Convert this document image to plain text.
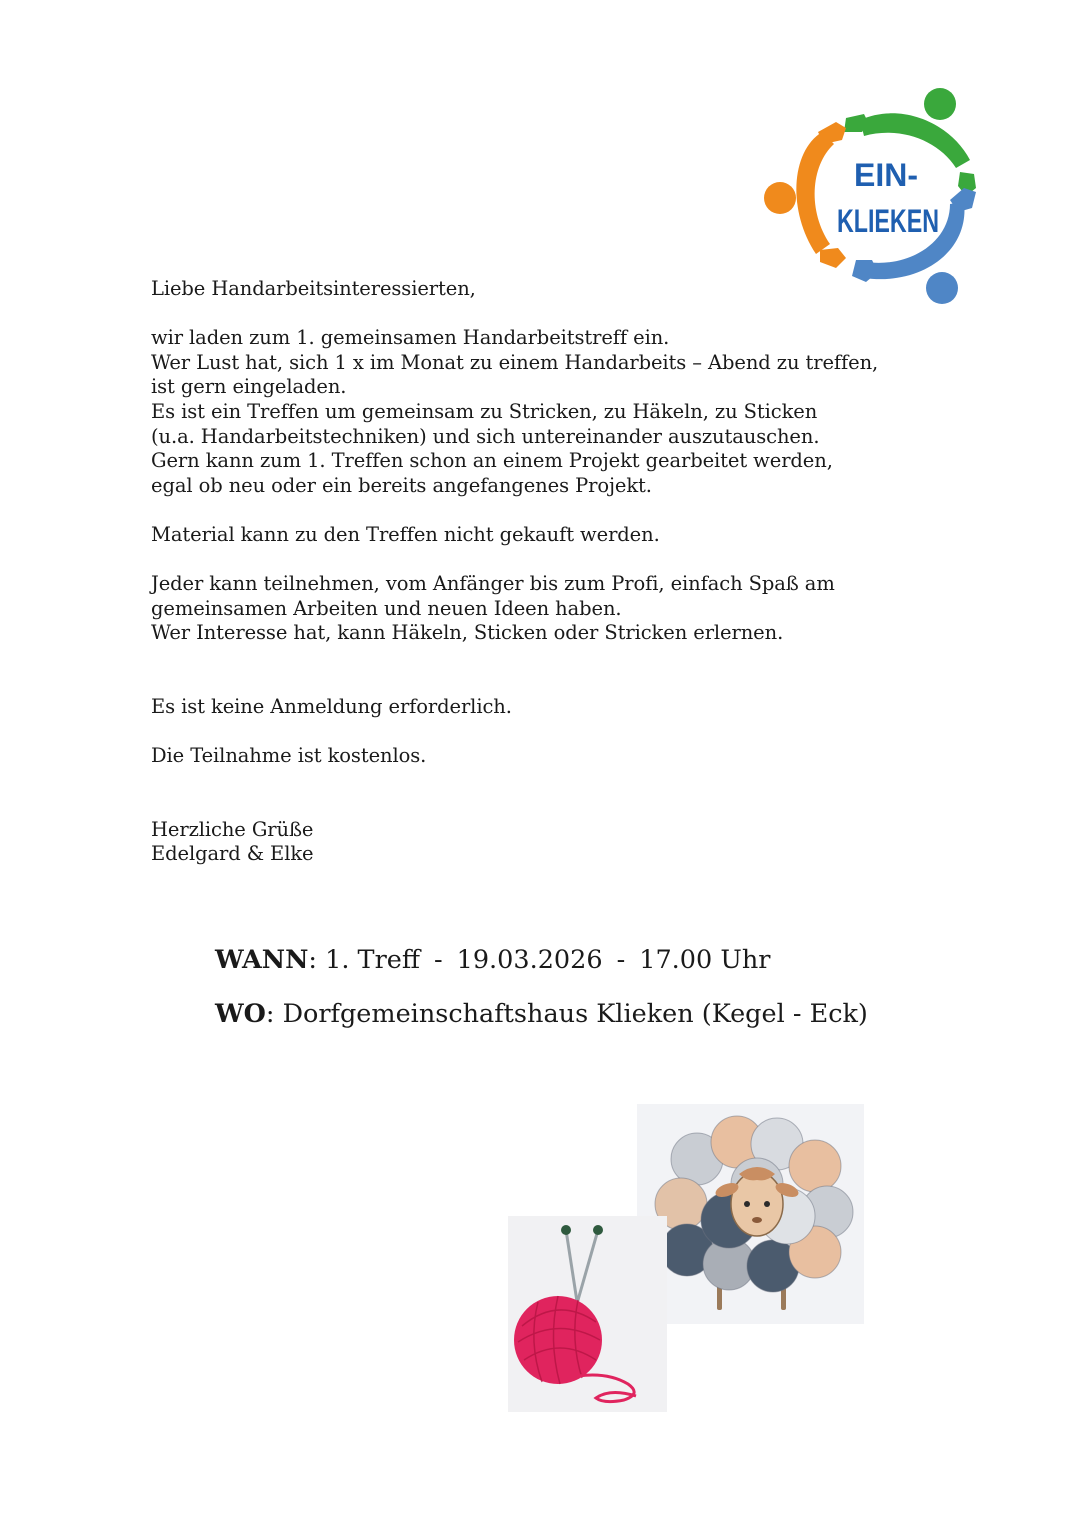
EIN-
KLIEKEN
Liebe Handarbeitsinteressierten,
wir laden zum 1. gemeinsamen Handarbeitstreff ein.
Wer Lust hat, sich 1 x im Monat zu einem Handarbeits – Abend zu treffen,
ist gern eingeladen.
Es ist ein Treffen um gemeinsam zu Stricken, zu Häkeln, zu Sticken
(u.a. Handarbeitstechniken) und sich untereinander auszutauschen.
Gern kann zum 1. Treffen schon an einem Projekt gearbeitet werden,
egal ob neu oder ein bereits angefangenes Projekt.
Material kann zu den Treffen nicht gekauft werden.
Jeder kann teilnehmen, vom Anfänger bis zum Profi, einfach Spaß am
gemeinsamen Arbeiten und neuen Ideen haben.
Wer Interesse hat, kann Häkeln, Sticken oder Stricken erlernen.
Es ist keine Anmeldung erforderlich.
Die Teilnahme ist kostenlos.
Herzliche Grüße
Edelgard & Elke
WANN: 1. Treff - 19.03.2026 - 17.00 Uhr
WO: Dorfgemeinschaftshaus Klieken (Kegel - Eck)
